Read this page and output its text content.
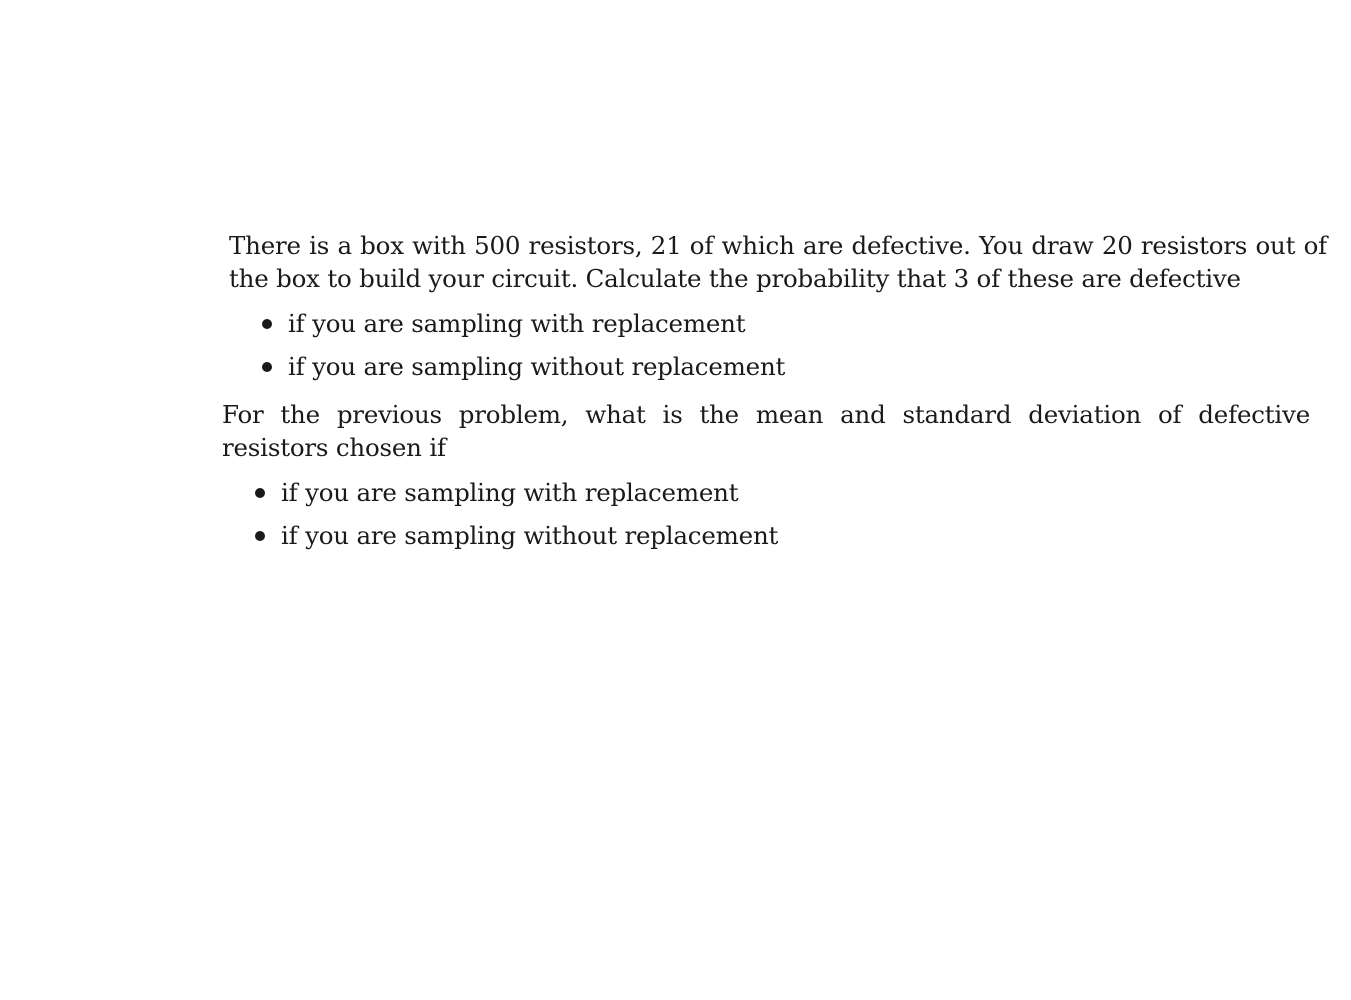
There is a box with 500 resistors, 21 of which are defective. You draw 20 resistors out of the box to build your circuit. Calculate the probability that 3 of these are defective

if you are sampling with replacement
if you are sampling without replacement

For the previous problem, what is the mean and standard deviation of defective resistors chosen if

if you are sampling with replacement
if you are sampling without replacement
